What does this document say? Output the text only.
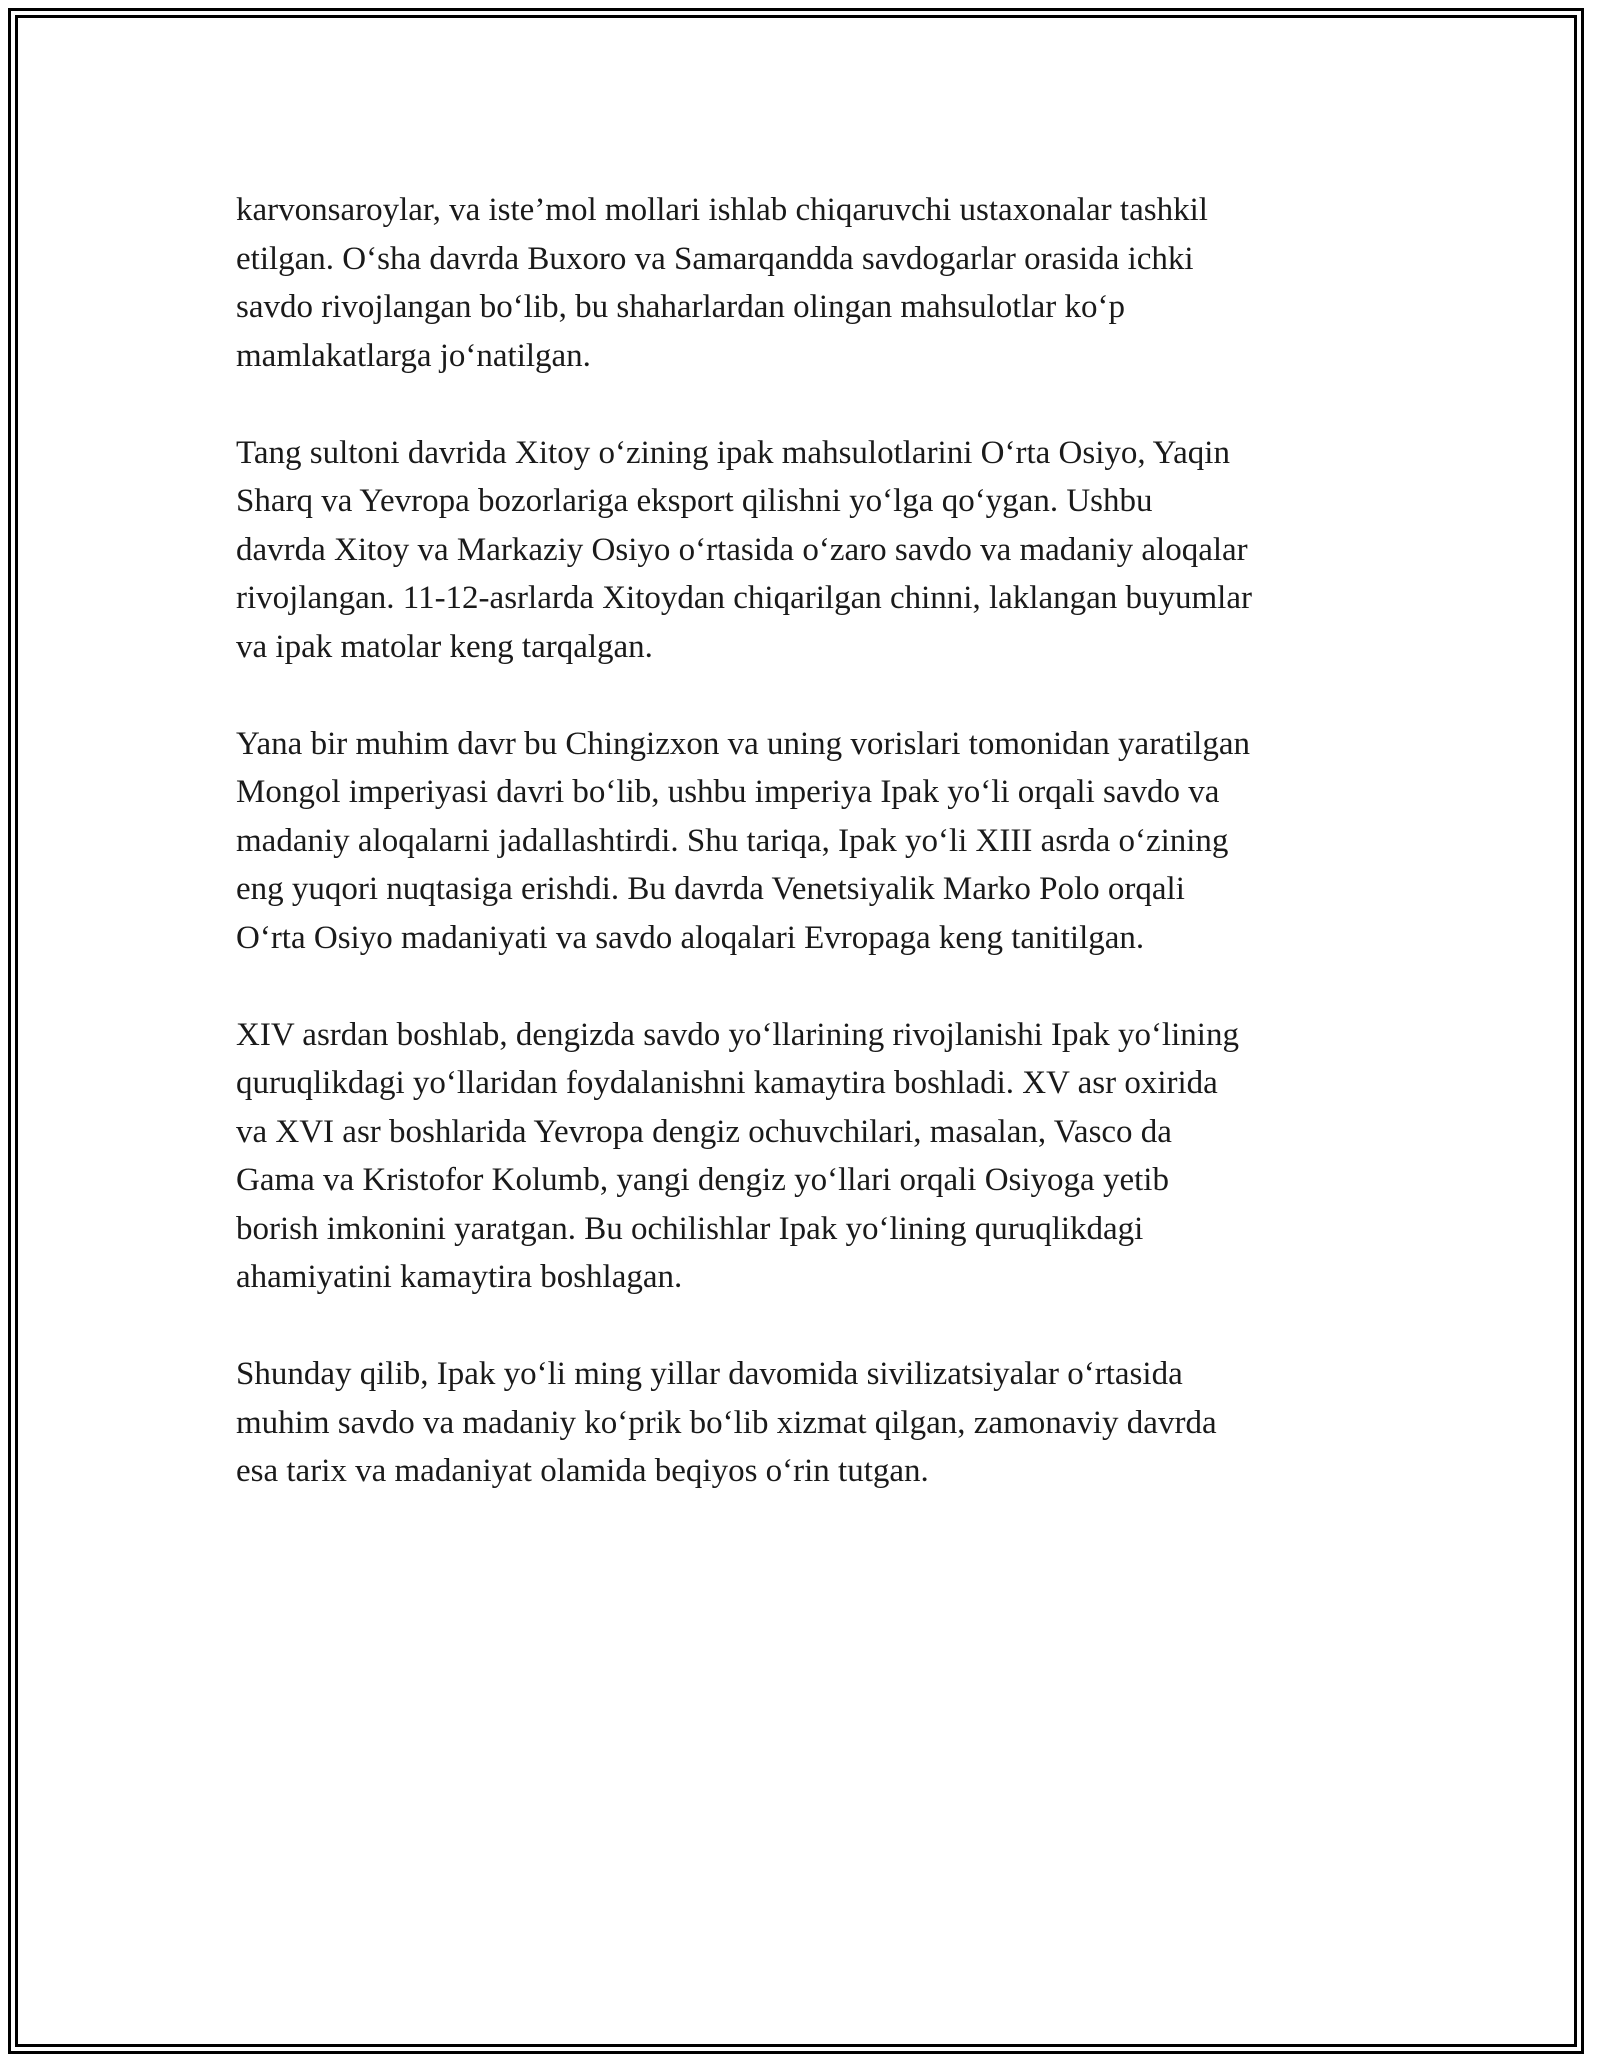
karvonsaroylar, va iste’mol mollari ishlab chiqaruvchi ustaxonalar tashkil
etilgan. O‘sha davrda Buxoro va Samarqandda savdogarlar orasida ichki
savdo rivojlangan bo‘lib, bu shaharlardan olingan mahsulotlar ko‘p
mamlakatlarga jo‘natilgan.

Tang sultoni davrida Xitoy o‘zining ipak mahsulotlarini O‘rta Osiyo, Yaqin
Sharq va Yevropa bozorlariga eksport qilishni yo‘lga qo‘ygan. Ushbu
davrda Xitoy va Markaziy Osiyo o‘rtasida o‘zaro savdo va madaniy aloqalar
rivojlangan. 11-12-asrlarda Xitoydan chiqarilgan chinni, laklangan buyumlar
va ipak matolar keng tarqalgan.

Yana bir muhim davr bu Chingizxon va uning vorislari tomonidan yaratilgan
Mongol imperiyasi davri bo‘lib, ushbu imperiya Ipak yo‘li orqali savdo va
madaniy aloqalarni jadallashtirdi. Shu tariqa, Ipak yo‘li XIII asrda o‘zining
eng yuqori nuqtasiga erishdi. Bu davrda Venetsiyalik Marko Polo orqali
O‘rta Osiyo madaniyati va savdo aloqalari Evropaga keng tanitilgan.

XIV asrdan boshlab, dengizda savdo yo‘llarining rivojlanishi Ipak yo‘lining
quruqlikdagi yo‘llaridan foydalanishni kamaytira boshladi. XV asr oxirida
va XVI asr boshlarida Yevropa dengiz ochuvchilari, masalan, Vasco da
Gama va Kristofor Kolumb, yangi dengiz yo‘llari orqali Osiyoga yetib
borish imkonini yaratgan. Bu ochilishlar Ipak yo‘lining quruqlikdagi
ahamiyatini kamaytira boshlagan.

Shunday qilib, Ipak yo‘li ming yillar davomida sivilizatsiyalar o‘rtasida
muhim savdo va madaniy ko‘prik bo‘lib xizmat qilgan, zamonaviy davrda
esa tarix va madaniyat olamida beqiyos o‘rin tutgan.
